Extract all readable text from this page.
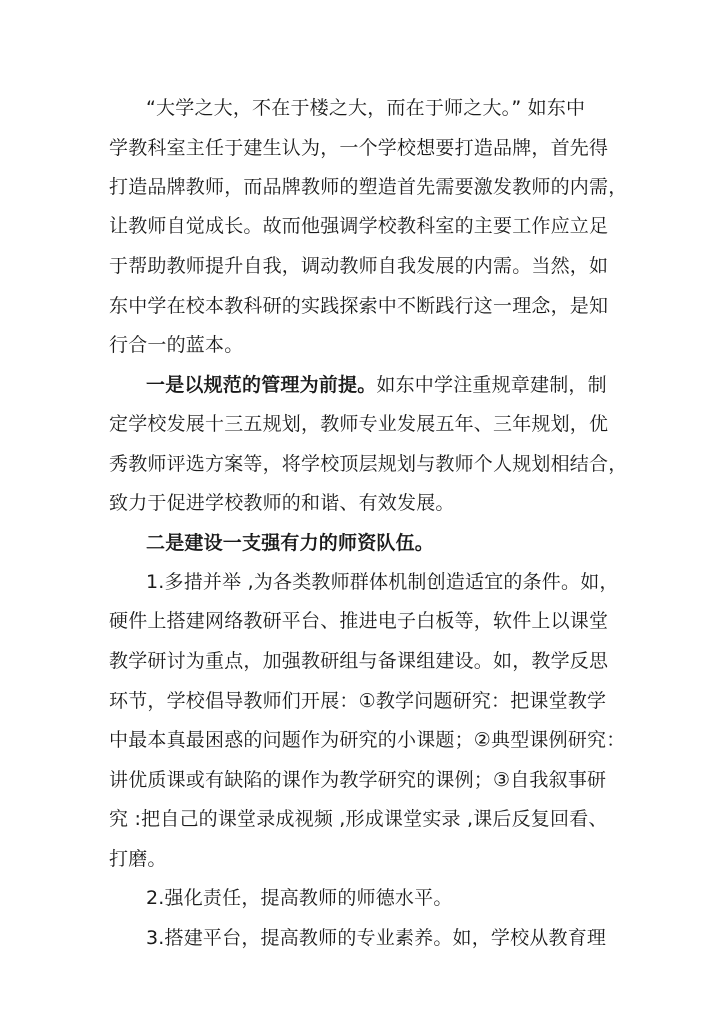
“大学之大，不在于楼之大，而在于师之大。” 如东中
学教科室主任于建生认为，一个学校想要打造品牌，首先得
打造品牌教师，而品牌教师的塑造首先需要激发教师的内需，
让教师自觉成长。故而他强调学校教科室的主要工作应立足
于帮助教师提升自我，调动教师自我发展的内需。当然，如
东中学在校本教科研的实践探索中不断践行这一理念，是知
行合一的蓝本。
一是以规范的管理为前提。如东中学注重规章建制，制
定学校发展十三五规划，教师专业发展五年、三年规划，优
秀教师评选方案等，将学校顶层规划与教师个人规划相结合，
致力于促进学校教师的和谐、有效发展。
二是建设一支强有力的师资队伍。
1.多措并举 ,为各类教师群体机制创造适宜的条件。如，
硬件上搭建网络教研平台、推进电子白板等，软件上以课堂
教学研讨为重点，加强教研组与备课组建设。如，教学反思
环节，学校倡导教师们开展：①教学问题研究：把课堂教学
中最本真最困惑的问题作为研究的小课题；②典型课例研究：
讲优质课或有缺陷的课作为教学研究的课例；③自我叙事研
究 :把自己的课堂录成视频 ,形成课堂实录 ,课后反复回看、
打磨。
2.强化责任，提高教师的师德水平。
3.搭建平台，提高教师的专业素养。如，学校从教育理
